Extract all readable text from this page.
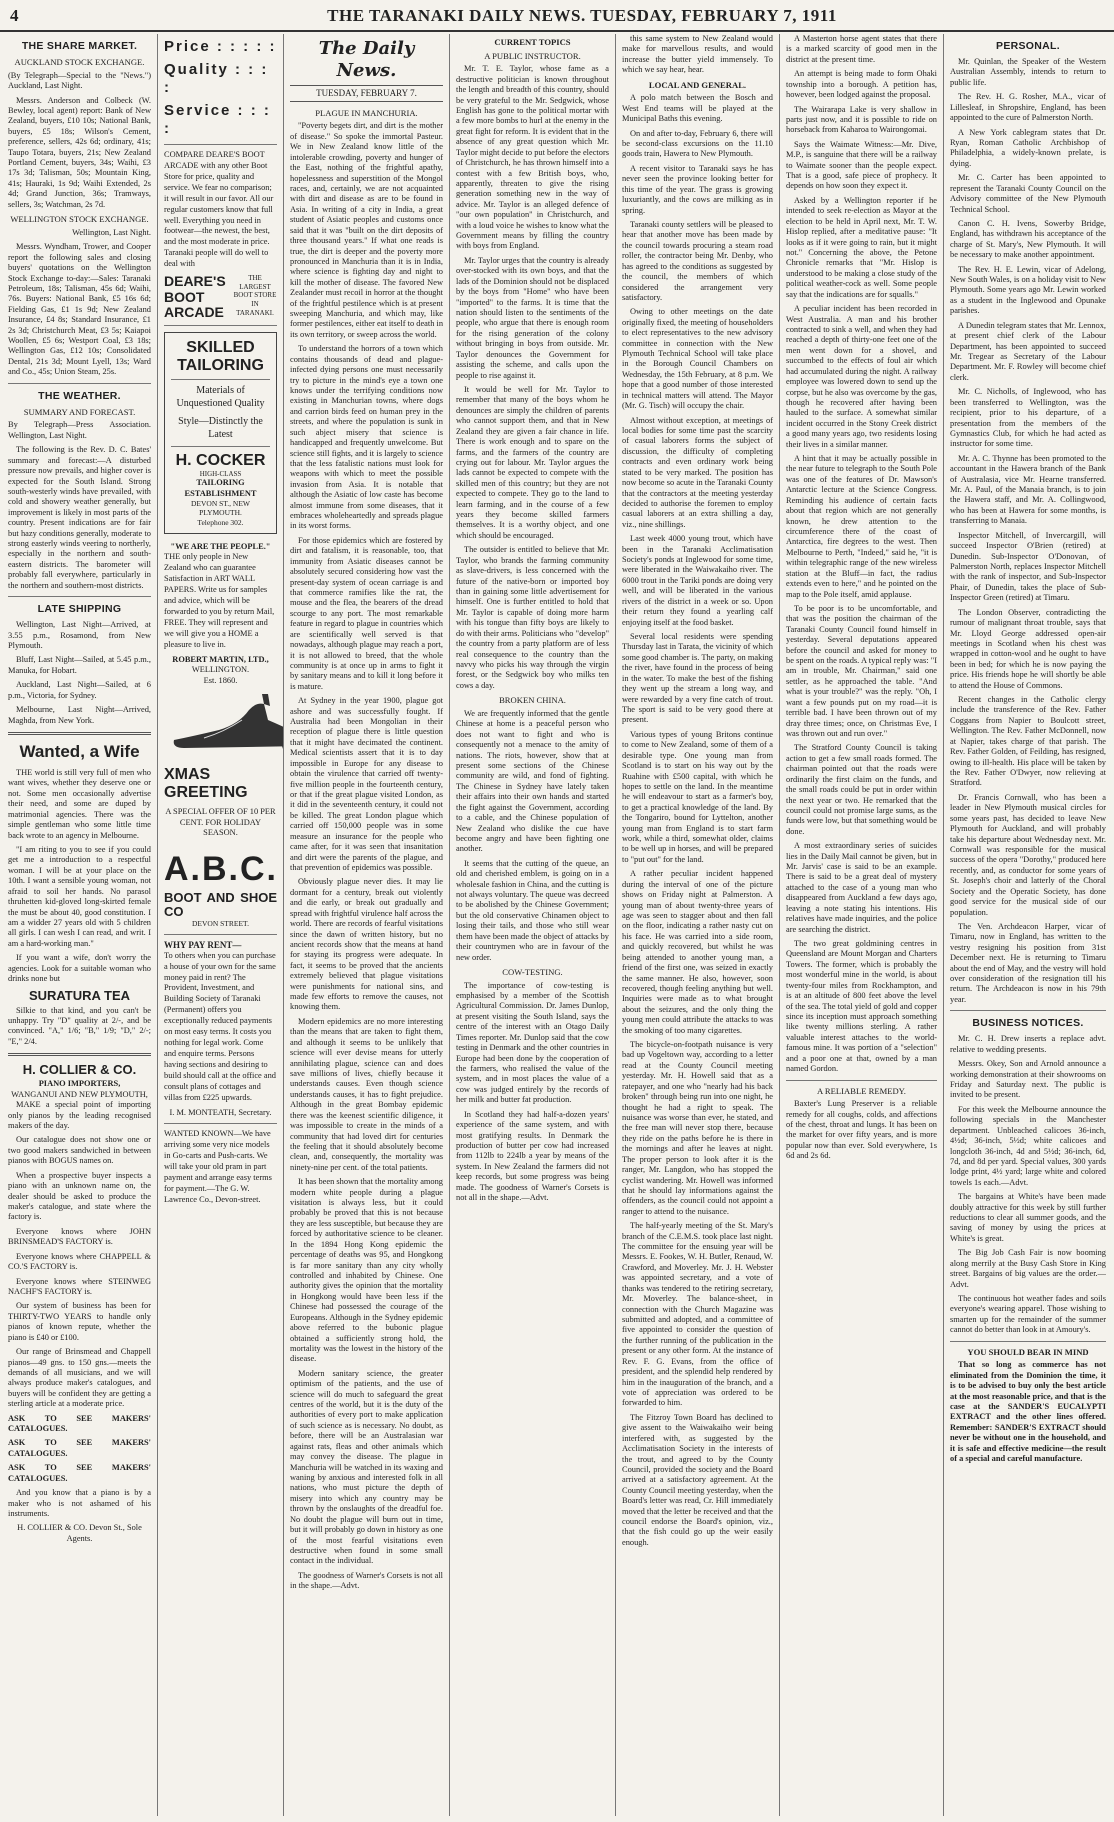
4	THE TARANAKI DAILY NEWS. TUESDAY, FEBRUARY 7, 1911
THE SHARE MARKET.
AUCKLAND STOCK EXCHANGE.

(By Telegraph—Special to the "News.") Auckland, Last Night.

Messrs. Anderson and Colbeck (W. Bewley, local agent) report: Bank of New Zealand, buyers, £10 10s; National Bank, buyers, £5 18s; Wilson's Cement, preference, sellers, 42s 6d; ordinary, 41s; Taupo Totara, buyers, 21s; New Zealand Portland Cement, buyers, 34s; Waihi, £3 17s 3d; Talisman, 50s; Mountain King, 41s; Hauraki, 1s 9d; Waihi Extended, 2s 4d; Grand Junction, 36s; Tramways, sellers, 3s; Watchman, 2s 7d.

WELLINGTON STOCK EXCHANGE.

Wellington, Last Night.

Messrs. Wyndham, Trower, and Cooper report the following sales and closing buyers' quotations on the Wellington Stock Exchange to-day:—Sales: Taranaki Petroleum, 18s; Talisman, 45s 6d; Waihi, 76s. Buyers: National Bank, £5 16s 6d; Fielding Gas, £1 1s 9d; New Zealand Insurance, £4 8s; Standard Insurance, £1 2s 3d; Christchurch Meat, £3 5s; Kaiapoi Woollen, £5 6s; Westport Coal, £3 18s; Wellington Gas, £12 10s; Consolidated Dental, 21s 3d; Mount Lyell, 13s; Ward and Co., 45s; Union Steam, 25s.

THE WEATHER.
SUMMARY AND FORECAST.

By Telegraph—Press Association. Wellington, Last Night.

The following is the Rev. D. C. Bates' summary and forecast:—A disturbed pressure now prevails, and higher cover is expected for the South Island. Strong south-westerly winds have prevailed, with cold and showery weather generally, but improvement is likely in most parts of the country. Present indications are for fair but hazy conditions generally, moderate to strong easterly winds veering to northerly, especially in the northern and south-eastern districts. The barometer will probably fall everywhere, particularly in the northern and southern-most districts.

LATE SHIPPING

Wellington, Last Night—Arrived, at 3.55 p.m., Rosamond, from New Plymouth.

Bluff, Last Night—Sailed, at 5.45 p.m., Manuka, for Hobart.

Auckland, Last Night—Sailed, at 6 p.m., Victoria, for Sydney.

Melbourne, Last Night—Arrived, Maghda, from New York.

Wanted, a Wife

THE world is still very full of men who want wives, whether they deserve one or not. Some men occasionally advertise their need, and some are duped by matrimonial agencies. There was the simple gentleman who some little time back wrote to an agency in Melbourne.

"I am riting to you to see if you could get me a introduction to a respectful woman. I will be at your place on the 10th. I want a sensible young woman, not afraid to soil her hands. No parasol thruhetten kid-gloved long-skirted female the must be about 40, good constitution. I am a widder 27 years old with 5 children all girls. I can wesh I can read, and writ. I am a hard-working man."

If you want a wife, don't worry the agencies. Look for a suitable woman who drinks none but

SURATURA TEA

Silkie to that kind, and you can't be unhappy. Try "D" quality at 2/-, and be convinced. "A," 1/6; "B," 1/9; "D," 2/-; "E," 2/4.

H. COLLIER & CO.
PIANO IMPORTERS,
WANGANUI AND NEW PLYMOUTH,

MAKE a special point of importing only pianos by the leading recognised makers of the day.

Our catalogue does not show one or two good makers sandwiched in between pianos with BOGUS names on.

When a prospective buyer inspects a piano with an unknown name on, the dealer should be asked to produce the maker's catalogue, and state where the factory is.

Everyone knows where JOHN BRINSMEAD'S FACTORY is.

Everyone knows where CHAPPELL & CO.'S FACTORY is.

Everyone knows where STEINWEG NACHF'S FACTORY is.

Our system of business has been for THIRTY-TWO YEARS to handle only pianos of known repute, whether the piano is £40 or £100.

Our range of Brinsmead and Chappell pianos—49 gns. to 150 gns.—meets the demands of all musicians, and we will always produce maker's catalogues, and buyers will be confident they are getting a sterling article at a moderate price.

ASK TO SEE MAKERS' CATALOGUES.

ASK TO SEE MAKERS' CATALOGUES.

ASK TO SEE MAKERS' CATALOGUES.

And you know that a piano is by a maker who is not ashamed of his instruments.

H. COLLIER & CO. Devon St., Sole Agents.

Price : : : : :
Quality : : : :
Service : : : :

COMPARE DEARE'S BOOT ARCADE with any other Boot Store for price, quality and service. We fear no comparison; it will result in our favor. All our regular customers know that full well. Everything you need in footwear—the newest, the best, and the most moderate in price. Taranaki people will do well to deal with

DEARE'S BOOT ARCADE
THE LARGEST BOOT STORE IN TARANAKI.
SKILLED TAILORING
Materials of Unquestioned Quality
Style—Distinctly the Latest
H. COCKER
HIGH-CLASS
TAILORING ESTABLISHMENT
DEVON ST., NEW PLYMOUTH.
Telephone 302.
"WE ARE THE PEOPLE."

THE only people in New Zealand who can guarantee Satisfaction in ART WALL PAPERS. Write us for samples and advice, which will be forwarded to you by return Mail, FREE. They will represent and we will give you a HOME a pleasure to live in.

ROBERT MARTIN, LTD.,
WELLINGTON.
Est. 1860.
XMAS GREETING
A SPECIAL OFFER OF 10 PER CENT. FOR HOLIDAY SEASON.
A.B.C.
BOOT AND SHOE CO
DEVON STREET.
WHY PAY RENT—

To others when you can purchase a house of your own for the same money paid in rent? The Provident, Investment, and Building Society of Taranaki (Permanent) offers you exceptionally reduced payments on most easy terms. It costs you nothing for legal work. Come and enquire terms. Persons having sections and desiring to build should call at the office and consult plans of cottages and villas from £225 upwards.

I. M. MONTEATH, Secretary.

WANTED KNOWN—We have arriving some very nice models in Go-carts and Push-carts. We will take your old pram in part payment and arrange easy terms for payment.—The G. W. Lawrence Co., Devon-street.

The Daily News.
TUESDAY, FEBRUARY 7.
PLAGUE IN MANCHURIA.

"Poverty begets dirt, and dirt is the mother of disease." So spoke the immortal Pasteur. We in New Zealand know little of the intolerable crowding, poverty and hunger of the East, nothing of the frightful apathy, hopelessness and superstition of the Mongol races, and, certainly, we are not acquainted with dirt and disease as are to be found in Asia. In writing of a city in India, a great student of Asiatic peoples and customs once said that it was "built on the dirt deposits of three thousand years." If what one reads is true, the dirt is deeper and the poverty more pronounced in Manchuria than it is in India, where science is fighting day and night to kill the mother of disease. The favored New Zealander must recoil in horror at the thought of the frightful pestilence which is at present sweeping Manchuria, and which may, like former pestilences, either eat itself to death in its own territory, or sweep across the world.

To understand the horrors of a town which contains thousands of dead and plague-infected dying persons one must necessarily try to picture in the mind's eye a town one knows under the terrifying conditions now existing in Manchurian towns, where dogs and carrion birds feed on human prey in the streets, and where the population is sunk in such abject misery that science is handicapped and frequently unwelcome. But science still fights, and it is largely to science that the less fatalistic nations must look for weapons with which to meet the possible invasion from Asia. It is notable that although the Asiatic of low caste has become almost immune from some diseases, that it embraces wholeheartedly and spreads plague in its worst forms.

For those epidemics which are fostered by dirt and fatalism, it is reasonable, too, that immunity from Asiatic diseases cannot be absolutely secured considering how vast the present-day system of ocean carriage is and that commerce ramifies like the rat, the mouse and the flea, the bearers of the dread scourge to any port. The most remarkable feature in regard to plague in countries which are scientifically well served is that nowadays, although plague may reach a port, it is not allowed to breed, that the whole community is at once up in arms to fight it by sanitary means and to kill it long before it is mature.

At Sydney in the year 1900, plague got ashore and was successfully fought. If Australia had been Mongolian in their reception of plague there is little question that it might have decimated the continent. Medical scientists assert that it is to day impossible in Europe for any disease to obtain the virulence that carried off twenty-five million people in the fourteenth century, or that if the great plague visited London, as it did in the seventeenth century, it could not be killed. The great London plague which carried off 150,000 people was in some measure an insurance for the people who came after, for it was seen that insanitation and dirt were the parents of the plague, and that prevention of epidemics was possible.

Obviously plague never dies. It may lie dormant for a century, break out violently and die early, or break out gradually and spread with frightful virulence half across the world. There are records of fearful visitations since the dawn of written history, but no ancient records show that the means at hand for staying its progress were adequate. In fact, it seems to be proved that the ancients extremely believed that plague visitations were punishments for national sins, and made few efforts to remove the causes, not knowing them.

Modern epidemics are no more interesting than the means that are taken to fight them, and although it seems to be unlikely that science will ever devise means for utterly annihilating plague, science can and does save millions of lives, chiefly because it understands causes. Even though science understands causes, it has to fight prejudice. Although in the great Bombay epidemic there was the keenest scientific diligence, it was impossible to create in the minds of a community that had loved dirt for centuries the feeling that it should absolutely become clean, and, consequently, the mortality was ninety-nine per cent. of the total patients.

It has been shown that the mortality among modern white people during a plague visitation is always less, but it could probably be proved that this is not because they are less susceptible, but because they are forced by authoritative science to be cleaner. In the 1894 Hong Kong epidemic the percentage of deaths was 95, and Hongkong is far more sanitary than any city wholly controlled and inhabited by Chinese. One authority gives the opinion that the mortality in Hongkong would have been less if the Chinese had possessed the courage of the Europeans. Although in the Sydney epidemic above referred to the bubonic plague obtained a sufficiently strong hold, the mortality was the lowest in the history of the disease.

Modern sanitary science, the greater optimism of the patients, and the use of science will do much to safeguard the great centres of the world, but it is the duty of the authorities of every port to make application of such science as is necessary. No doubt, as before, there will be an Australasian war against rats, fleas and other animals which may convey the disease. The plague in Manchuria will be watched in its waxing and waning by anxious and interested folk in all nations, who must picture the depth of misery into which any country may be thrown by the onslaughts of the dreadful foe. No doubt the plague will burn out in time, but it will probably go down in history as one of the most fearful visitations even destructive when found in some small contact in the individual.

The goodness of Warner's Corsets is not all in the shape.—Advt.

CURRENT TOPICS
A PUBLIC INSTRUCTOR.

Mr. T. E. Taylor, whose fame as a destructive politician is known throughout the length and breadth of this country, should be very grateful to the Mr. Sedgwick, whose English has gone to the political mortar with a few more bombs to hurl at the enemy in the great fight for reform. It is evident that in the absence of any great question which Mr. Taylor might decide to put before the electors of Christchurch, he has thrown himself into a contest with a few British boys, who, apparently, threaten to give the rising generation something new in the way of advice. Mr. Taylor is an alleged defence of "our own population" in Christchurch, and with a loud voice he wishes to know what the Government means by filling the country with boys from England.

Mr. Taylor urges that the country is already over-stocked with its own boys, and that the lads of the Dominion should not be displaced by the boys from "Home" who have been "imported" to the farms. It is time that the nation should listen to the sentiments of the people, who argue that there is enough room for the rising generation of the colony without bringing in boys from outside. Mr. Taylor denounces the Government for assisting the scheme, and calls upon the people to rise against it.

It would be well for Mr. Taylor to remember that many of the boys whom he denounces are simply the children of parents who cannot support them, and that in New Zealand they are given a fair chance in life. There is work enough and to spare on the farms, and the farmers of the country are crying out for labour. Mr. Taylor argues the lads cannot be expected to compete with the skilled men of this country; but they are not expected to compete. They go to the land to learn farming, and in the course of a few years they become skilled farmers themselves. It is a worthy object, and one which should be encouraged.

The outsider is entitled to believe that Mr. Taylor, who brands the farming community as slave-drivers, is less concerned with the future of the native-born or imported boy than in gaining some little advertisement for himself. One is further entitled to hold that Mr. Taylor is capable of doing more harm with his tongue than fifty boys are likely to do with their arms. Politicians who "develop" the country from a party platform are of less real consequence to the country than the navvy who picks his way through the virgin forest, or the Sedgwick boy who milks ten cows a day.

BROKEN CHINA.

We are frequently informed that the gentle Chinese at home is a peaceful person who does not want to fight and who is consequently not a menace to the amity of nations. The riots, however, show that at present some sections of the Chinese community are wild, and fond of fighting. The Chinese in Sydney have lately taken their affairs into their own hands and started the fight against the Government, according to a cable, and the Chinese population of New Zealand who dislike the cue have become angry and have been fighting one another.

It seems that the cutting of the queue, an old and cherished emblem, is going on in a wholesale fashion in China, and the cutting is not always voluntary. The queue was decreed to be abolished by the Chinese Government; but the old conservative Chinamen object to losing their tails, and those who still wear them have been made the object of attacks by their countrymen who are in favour of the new order.

COW-TESTING.

The importance of cow-testing is emphasised by a member of the Scottish Agricultural Commission. Dr. James Dunlop, at present visiting the South Island, says the centre of the interest with an Otago Daily Times reporter. Mr. Dunlop said that the cow testing in Denmark and the other countries in Europe had been done by the cooperation of the farmers, who realised the value of the system, and in most places the value of a cow was judged entirely by the records of her milk and butter fat production.

In Scotland they had half-a-dozen years' experience of the same system, and with most gratifying results. In Denmark the production of butter per cow had increased from 112lb to 224lb a year by means of the system. In New Zealand the farmers did not keep records, but some progress was being made. The goodness of Warner's Corsets is not all in the shape.—Advt.

this same system to New Zealand would make for marvellous results, and would increase the butter yield immensely. To which we say hear, hear.

LOCAL AND GENERAL.

A polo match between the Bosch and West End teams will be played at the Municipal Baths this evening.

On and after to-day, February 6, there will be second-class excursions on the 11.10 goods train, Hawera to New Plymouth.

A recent visitor to Taranaki says he has never seen the province looking better for this time of the year. The grass is growing luxuriantly, and the cows are milking as in spring.

Taranaki county settlers will be pleased to hear that another move has been made by the council towards procuring a steam road roller, the contractor being Mr. Denby, who has agreed to the conditions as suggested by the council, the members of which considered the arrangement very satisfactory.

Owing to other meetings on the date originally fixed, the meeting of householders to elect representatives to the new advisory committee in connection with the New Plymouth Technical School will take place in the Borough Council Chambers on Wednesday, the 15th February, at 8 p.m. We hope that a good number of those interested in technical matters will attend. The Mayor (Mr. G. Tisch) will occupy the chair.

Almost without exception, at meetings of local bodies for some time past the scarcity of casual laborers forms the subject of discussion, the difficulty of completing contracts and even ordinary work being stated to be very marked. The position has now become so acute in the Taranaki County that the contractors at the meeting yesterday decided to authorise the foremen to employ casual laborers at an extra shilling a day, viz., nine shillings.

Last week 4000 young trout, which have been in the Taranaki Acclimatisation Society's ponds at Inglewood for some time, were liberated in the Waiwakaiho river. The 6000 trout in the Tariki ponds are doing very well, and will be liberated in the various rivers of the district in a week or so. Upon their return they found a yearling calf enjoying itself at the food basket.

Several local residents were spending Thursday last in Tarata, the vicinity of which some good chamber is. The party, on making the river, have found in the process of being in the water. To make the best of the fishing they went up the stream a long way, and were rewarded by a very fine catch of trout. The sport is said to be very good there at present.

Various types of young Britons continue to come to New Zealand, some of them of a desirable type. One young man from Scotland is to start on his way out by the Ruahine with £500 capital, with which he hopes to settle on the land. In the meantime he will endeavour to start as a farmer's boy, to get a practical knowledge of the land. By the Tongariro, bound for Lyttelton, another young man from England is to start farm work, while a third, somewhat older, claims to be well up in horses, and will be prepared to "put out" for the land.

A rather peculiar incident happened during the interval of one of the picture shows on Friday night at Palmerston. A young man of about twenty-three years of age was seen to stagger about and then fall on the floor, indicating a rather nasty cut on his face. He was carried into a side room, and quickly recovered, but whilst he was being attended to another young man, a friend of the first one, was seized in exactly the same manner. He also, however, soon recovered, though feeling anything but well. Inquiries were made as to what brought about the seizures, and the only thing the young men could attribute the attacks to was the smoking of too many cigarettes.

The bicycle-on-footpath nuisance is very bad up Vogeltown way, according to a letter read at the County Council meeting yesterday. Mr. H. Howell said that as a ratepayer, and one who "nearly had his back broken" through being run into one night, he thought he had a right to speak. The nuisance was worse than ever, he stated, and the free man will never stop there, because they ride on the paths before he is there in the mornings and after he leaves at night. The proper person to look after it is the ranger, Mr. Langdon, who has stopped the cyclist wandering. Mr. Howell was informed that he should lay informations against the offenders, as the council could not appoint a ranger to attend to the nuisance.

The half-yearly meeting of the St. Mary's branch of the C.E.M.S. took place last night. The committee for the ensuing year will be Messrs. E. Fookes, W. H. Butler, Renaud, W. Crawford, and Moverley. Mr. J. H. Webster was appointed secretary, and a vote of thanks was tendered to the retiring secretary, Mr. Moverley. The balance-sheet, in connection with the Church Magazine was submitted and adopted, and a committee of five appointed to consider the question of the further running of the publication in the present or any other form. At the instance of Rev. F. G. Evans, from the office of president, and the splendid help rendered by him in the inauguration of the branch, and a vote of appreciation was ordered to be forwarded to him.

The Fitzroy Town Board has declined to give assent to the Waiwakaiho weir being interfered with, as suggested by the Acclimatisation Society in the interests of the trout, and agreed to by the County Council, provided the society and the Board arrived at a satisfactory agreement. At the County Council meeting yesterday, when the Board's letter was read, Cr. Hill immediately moved that the letter be received and that the council endorse the Board's opinion, viz., that the fish could go up the weir easily enough.

A Masterton horse agent states that there is a marked scarcity of good men in the district at the present time.

An attempt is being made to form Ohaki township into a borough. A petition has, however, been lodged against the proposal.

The Wairarapa Lake is very shallow in parts just now, and it is possible to ride on horseback from Kaharoa to Wairongomai.

Says the Waimate Witness:—Mr. Dive, M.P., is sanguine that there will be a railway to Waimate sooner than the people expect. That is a good, safe piece of prophecy. It depends on how soon they expect it.

Asked by a Wellington reporter if he intended to seek re-election as Mayor at the election to be held in April next, Mr. T. W. Hislop replied, after a meditative pause: "It looks as if it were going to rain, but it might not." Concerning the above, the Petone Chronicle remarks that "Mr. Hislop is understood to be making a close study of the political weather-cock as well. Some people say that the indications are for squalls."

A peculiar incident has been recorded in West Australia. A man and his brother contracted to sink a well, and when they had reached a depth of thirty-one feet one of the men went down for a shovel, and succumbed to the effects of foul air which had accumulated during the night. A railway employee was lowered down to send up the corpse, but he also was overcome by the gas, though he recovered after having been hauled to the surface. A somewhat similar incident occurred in the Stony Creek district a good many years ago, two residents losing their lives in a similar manner.

A hint that it may be actually possible in the near future to telegraph to the South Pole was one of the features of Dr. Mawson's Antarctic lecture at the Science Congress. Reminding his audience of certain facts about that region which are not generally known, he drew attention to the circumference there of the coast of Antarctica, fire degrees to the west. Then Melbourne to Perth, "Indeed," said he, "it is within telegraphic range of the new wireless station at the Bluff—in fact, the radius extends even to here," and he pointed on the map to the Pole itself, amid applause.

To be poor is to be uncomfortable, and that was the position the chairman of the Taranaki County Council found himself in yesterday. Several deputations appeared before the council and asked for money to be spent on the roads. A typical reply was: "I am in trouble, Mr. Chairman," said one settler, as he approached the table. "And what is your trouble?" was the reply. "Oh, I want a few pounds put on my road—it is terrible bad. I have been thrown out of my dray three times; once, on Christmas Eve, I was thrown out and run over."

The Stratford County Council is taking action to get a few small roads formed. The chairman pointed out that the roads were ordinarily the first claim on the funds, and the small roads could be put in order within the next year or two. He remarked that the council could not promise large sums, as the funds were low, but that something would be done.

A most extraordinary series of suicides lies in the Daily Mail cannot be given, but in Mr. Jarvis' case is said to be an example. There is said to be a great deal of mystery attached to the case of a young man who disappeared from Auckland a few days ago, leaving a note stating his intentions. His relatives have made inquiries, and the police are searching the district.

The two great goldmining centres in Queensland are Mount Morgan and Charters Towers. The former, which is probably the most wonderful mine in the world, is about twenty-four miles from Rockhampton, and is at an altitude of 800 feet above the level of the sea. The total yield of gold and copper since its inception must approach something like twenty millions sterling. A rather valuable interest attaches to the world-famous mine. It was portion of a "selection" and a poor one at that, owned by a man named Gordon.

A RELIABLE REMEDY.

Baxter's Lung Preserver is a reliable remedy for all coughs, colds, and affections of the chest, throat and lungs. It has been on the market for over fifty years, and is more popular now than ever. Sold everywhere, 1s 6d and 2s 6d.

PERSONAL.

Mr. Quinlan, the Speaker of the Western Australian Assembly, intends to return to public life.

The Rev. H. G. Rosher, M.A., vicar of Lillesleaf, in Shropshire, England, has been appointed to the cure of Palmerston North.

A New York cablegram states that Dr. Ryan, Roman Catholic Archbishop of Philadelphia, a widely-known prelate, is dying.

Mr. C. Carter has been appointed to represent the Taranaki County Council on the Advisory committee of the New Plymouth Technical School.

Canon C. H. Ivens, Sowerby Bridge, England, has withdrawn his acceptance of the charge of St. Mary's, New Plymouth. It will be necessary to make another appointment.

The Rev. H. E. Lewin, vicar of Adelong, New South Wales, is on a holiday visit to New Plymouth. Some years ago Mr. Lewin worked as a student in the Inglewood and Opunake parishes.

A Dunedin telegram states that Mr. Lennox, at present chief clerk of the Labour Department, has been appointed to succeed Mr. Tregear as Secretary of the Labour Department. Mr. F. Rowley will become chief clerk.

Mr. C. Nicholls, of Inglewood, who has been transferred to Wellington, was the recipient, prior to his departure, of a presentation from the members of the Gymnastics Club, for which he had acted as instructor for some time.

Mr. A. C. Thynne has been promoted to the accountant in the Hawera branch of the Bank of Australasia, vice Mr. Hearne transferred. Mr. A. Paul, of the Manaia branch, is to join the Hawera staff, and Mr. A. Collingwood, who has been at Hawera for some months, is transferring to Manaia.

Inspector Mitchell, of Invercargill, will succeed Inspector O'Brien (retired) at Dunedin. Sub-Inspector O'Donovan, of Palmerston North, replaces Inspector Mitchell with the rank of inspector, and Sub-Inspector Phair, of Dunedin, takes the place of Sub-Inspector Green (retired) at Timaru.

The London Observer, contradicting the rumour of malignant throat trouble, says that Mr. Lloyd George addressed open-air meetings in Scotland when his chest was wrapped in cotton-wool and he ought to have been in bed; for which he is now paying the price. His friends hope he will shortly be able to attend the House of Commons.

Recent changes in the Catholic clergy include the transference of the Rev. Father Coggans from Napier to Boulcott street, Wellington. The Rev. Father McDonnell, now at Napier, takes charge of that parish. The Rev. Father Golden, of Feilding, has resigned, owing to ill-health. His place will be taken by the Rev. Father O'Dwyer, now relieving at Stratford.

Dr. Francis Cornwall, who has been a leader in New Plymouth musical circles for some years past, has decided to leave New Plymouth for Auckland, and will probably take his departure about Wednesday next. Mr. Cornwall was responsible for the musical success of the opera "Dorothy," produced here recently, and, as conductor for some years of St. Joseph's choir and latterly of the Choral Society and the Operatic Society, has done good service for the musical side of our population.

The Ven. Archdeacon Harper, vicar of Timaru, now in England, has written to the vestry resigning his position from 31st December next. He is returning to Timaru about the end of May, and the vestry will hold over consideration of the resignation till his return. The Archdeacon is now in his 79th year.

BUSINESS NOTICES.

Mr. C. H. Drew inserts a replace advt. relative to wedding presents.

Messrs. Okey, Son and Arnold announce a working demonstration at their showrooms on Friday and Saturday next. The public is invited to be present.

For this week the Melbourne announce the following specials in the Manchester department. Unbleached calicoes 36-inch, 4½d; 36-inch, 5½d; white calicoes and longcloth 36-inch, 4d and 5½d; 36-inch, 6d, 7d, and 8d per yard. Special values, 300 yards lodge print, 4½ yard; large white and colored towels 1s each.—Advt.

The bargains at White's have been made doubly attractive for this week by still further reductions to clear all summer goods, and the saving of money by using the prices at White's is great.

The Big Job Cash Fair is now booming along merrily at the Busy Cash Store in King street. Bargains of big values are the order.—Advt.

The continuous hot weather fades and soils everyone's wearing apparel. Those wishing to smarten up for the remainder of the summer cannot do better than look in at Amoury's.

YOU SHOULD BEAR IN MIND

That so long as commerce has not eliminated from the Dominion the time, it is to be advised to buy only the best article at the most reasonable price, and that is the case at the SANDER'S EUCALYPTI EXTRACT and the other lines offered. Remember: SANDER'S EXTRACT should never be without one in the household, and it is safe and effective medicine—the result of a special and careful manufacture.
